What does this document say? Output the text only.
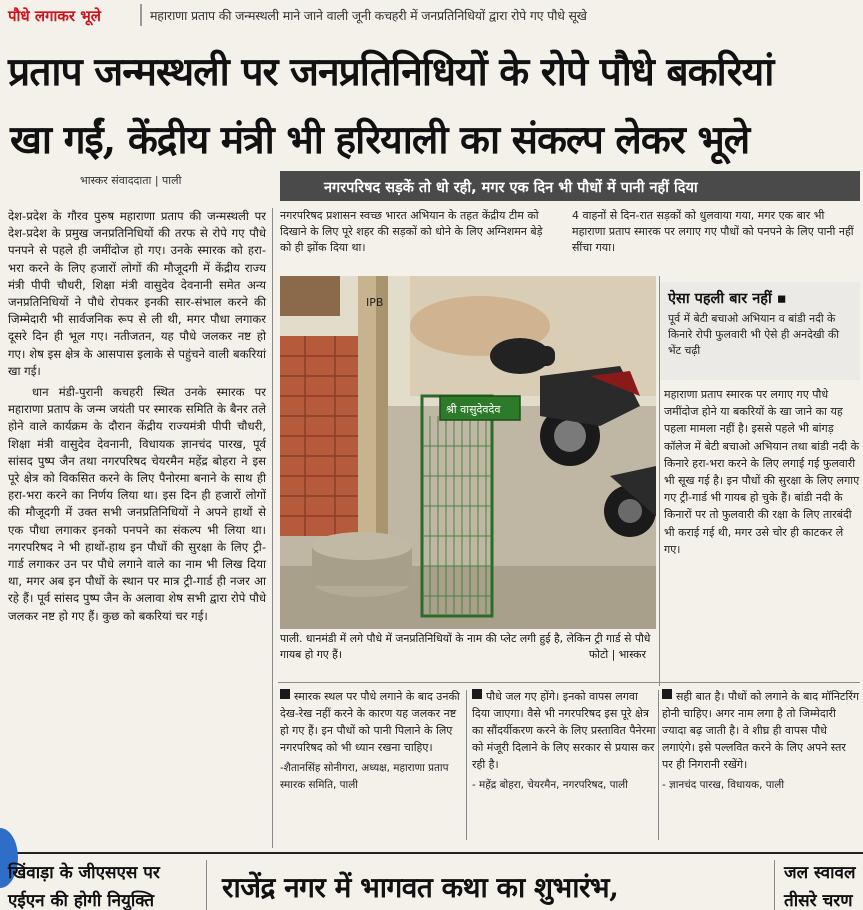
पौधे लगाकर भूले	महाराणा प्रताप की जन्मस्थली माने जाने वाली जूनी कचहरी में जनप्रतिनिधियों द्वारा रोपे गए पौधे सूखे
प्रताप जन्मस्थली पर जनप्रतिनिधियों के रोपे पौधे बकरियां
खा गईं, केंद्रीय मंत्री भी हरियाली का संकल्प लेकर भूले
भास्कर संवाददाता | पाली	नगरपरिषद सड़कें तो धो रही, मगर एक दिन भी पौधों में पानी नहीं दिया

देश-प्रदेश के गौरव पुरुष महाराणा प्रताप की जन्मस्थली पर देश-प्रदेश के प्रमुख जनप्रतिनिधियों की तरफ से रोपे गए पौधे पनपने से पहले ही जमींदोज हो गए। उनके स्मारक को हरा-भरा करने के लिए हजारों लोगों की मौजूदगी में केंद्रीय राज्य मंत्री पीपी चौधरी, शिक्षा मंत्री वासुदेव देवनानी समेत अन्य जनप्रतिनिधियों ने पौधे रोपकर इनकी सार-संभाल करने की जिम्मेदारी भी सार्वजनिक रूप से ली थी, मगर पौधा लगाकर दूसरे दिन ही भूल गए। नतीजतन, यह पौधे जलकर नष्ट हो गए। शेष इस क्षेत्र के आसपास इलाके से पहुंचने वाली बकरियां खा गई।

धान मंडी-पुरानी कचहरी स्थित उनके स्मारक पर महाराणा प्रताप के जन्म जयंती पर स्मारक समिति के बैनर तले होने वाले कार्यक्रम के दौरान केंद्रीय राज्यमंत्री पीपी चौधरी, शिक्षा मंत्री वासुदेव देवनानी, विधायक ज्ञानचंद पारख, पूर्व सांसद पुष्प जैन तथा नगरपरिषद चेयरमैन महेंद्र बोहरा ने इस पूरे क्षेत्र को विकसित करने के लिए पैनोरमा बनाने के साथ ही हरा-भरा करने का निर्णय लिया था। इस दिन ही हजारों लोगों की मौजूदगी में उक्त सभी जनप्रतिनिधियों ने अपने हाथों से एक पौधा लगाकर इनको पनपने का संकल्प भी लिया था। नगरपरिषद ने भी हाथों-हाथ इन पौधों की सुरक्षा के लिए ट्री-गार्ड लगाकर उन पर पौधे लगाने वाले का नाम भी लिख दिया था, मगर अब इन पौधों के स्थान पर मात्र ट्री-गार्ड ही नजर आ रहे हैं। पूर्व सांसद पुष्प जैन के अलावा शेष सभी द्वारा रोपे पौधे जलकर नष्ट हो गए हैं। कुछ को बकरियां चर गई।

नगरपरिषद प्रशासन स्वच्छ भारत अभियान के तहत केंद्रीय टीम को दिखाने के लिए पूरे शहर की सड़कों को धोने के लिए अग्निशमन बेड़े को ही झोंक दिया था।
4 वाहनों से दिन-रात सड़कों को धुलवाया गया, मगर एक बार भी महाराणा प्रताप स्मारक पर लगाए गए पौधों को पनपने के लिए पानी नहीं सींचा गया।
IPB
श्री वासुदेवदेव
पाली. धानमंडी में लगे पौधे में जनप्रतिनिधियों के नाम की प्लेट लगी हुई है, लेकिन ट्री गार्ड से पौधे गायब हो गए हैं।	फोटो | भास्कर
ऐसा पहली बार नहीं ▪
पूर्व में बेटी बचाओ अभियान व बांडी नदी के किनारे रोपी फुलवारी भी ऐसे ही अनदेखी की भेंट चढ़ी
महाराणा प्रताप स्मारक पर लगाए गए पौधे जमींदोज होने या बकरियों के खा जाने का यह पहला मामला नहीं है। इससे पहले भी बांगड़ कॉलेज में बेटी बचाओ अभियान तथा बांडी नदी के किनारे हरा-भरा करने के लिए लगाई गई फुलवारी भी सूख गई है। इन पौधों की सुरक्षा के लिए लगाए गए ट्री-गार्ड भी गायब हो चुके हैं। बांडी नदी के किनारों पर तो फुलवारी की रक्षा के लिए तारबंदी भी कराई गई थी, मगर उसे चोर ही काटकर ले गए।
स्मारक स्थल पर पौधे लगाने के बाद उनकी देख-रेख नहीं करने के कारण यह जलकर नष्ट हो गए हैं। इन पौधों को पानी पिलाने के लिए नगरपरिषद को भी ध्यान रखना चाहिए।
-शैतानसिंह सोनीगरा, अध्यक्ष, महाराणा प्रताप स्मारक समिति, पाली
पौधे जल गए होंगे। इनको वापस लगवा दिया जाएगा। वैसे भी नगरपरिषद इस पूरे क्षेत्र का सौंदर्यीकरण करने के लिए प्रस्तावित पैनेरमा को मंजूरी दिलाने के लिए सरकार से प्रयास कर रही है।
- महेंद्र बोहरा, चेयरमैन, नगरपरिषद, पाली
सही बात है। पौधों को लगाने के बाद मॉनिटरिंग होनी चाहिए। अगर नाम लगा है तो जिम्मेदारी ज्यादा बढ़ जाती है। वे शीघ्र ही वापस पौधे लगाएंगे। इसे पल्लवित करने के लिए अपने स्तर पर ही निगरानी रखेंगे।
- ज्ञानचंद पारख, विधायक, पाली
खिंवाड़ा के जीएसएस पर
एईएन की होगी नियुक्ति राजेंद्र नगर में भागवत कथा का शुभारंभ,	जल स्वावल
तीसरे चरण
